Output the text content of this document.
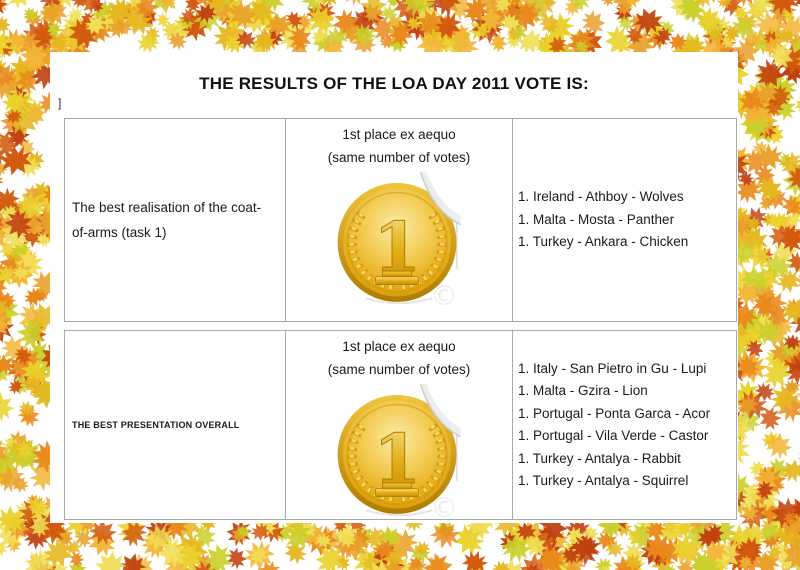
THE RESULTS OF THE LOA DAY 2011 VOTE IS:
]
The best realisation of the coat-of-arms (task 1)
1st place ex aequo
(same number of votes)
1. Ireland - Athboy - Wolves
1. Malta - Mosta - Panther
1. Turkey - Ankara - Chicken
THE BEST PRESENTATION OVERALL
1st place ex aequo
(same number of votes)	1. Italy - San Pietro in Gu - Lupi
1. Malta - Gzira - Lion
1. Portugal - Ponta Garca - Acor
1. Portugal - Vila Verde - Castor
1. Turkey - Antalya - Rabbit
1. Turkey - Antalya - Squirrel
